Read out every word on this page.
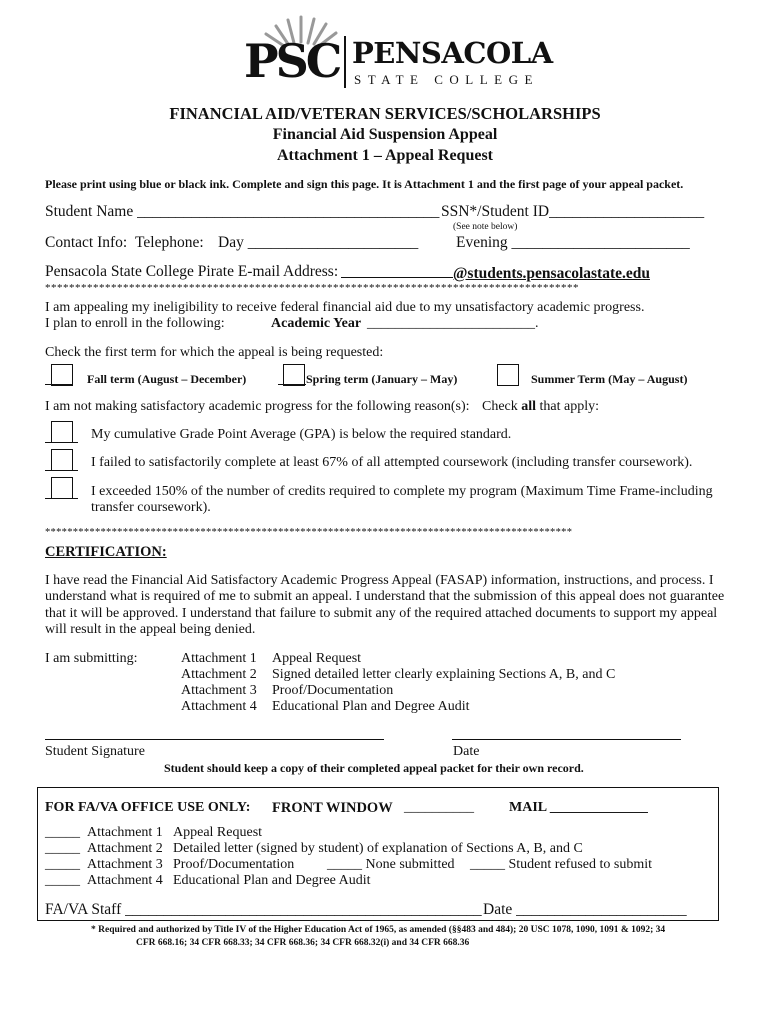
PSC PENSACOLA
STATE COLLEGE
FINANCIAL AID/VETERAN SERVICES/SCHOLARSHIPS
Financial Aid Suspension Appeal
Attachment 1 – Appeal Request
Please print using blue or black ink. Complete and sign this page. It is Attachment 1 and the first page of your appeal packet.
Student Name _______________________________________ SSN*/Student ID____________________
(See note below)
Contact Info: Telephone: Day ______________________ Evening _______________________
Pensacola State College Pirate E-mail Address:	@students.pensacolastate.edu
*****************************************************************************************
I am appealing my ineligibility to receive federal financial aid due to my unsatisfactory academic progress.
I plan to enroll in the following:	Academic Year ________________________.
Check the first term for which the appeal is being requested:
Fall term (August – December)	Spring term (January – May)	Summer Term (May – August)
I am not making satisfactory academic progress for the following reason(s): Check all that apply:
My cumulative Grade Point Average (GPA) is below the required standard.
I failed to satisfactorily complete at least 67% of all attempted coursework (including transfer coursework).
I exceeded 150% of the number of credits required to complete my program (Maximum Time Frame-including
transfer coursework).
***********************************************************************************************
CERTIFICATION:
I have read the Financial Aid Satisfactory Academic Progress Appeal (FASAP) information, instructions, and process. I
understand what is required of me to submit an appeal. I understand that the submission of this appeal does not guarantee
that it will be approved. I understand that failure to submit any of the required attached documents to support my appeal
will result in the appeal being denied.
I am submitting:	Attachment 1 Appeal Request
Attachment 2 Signed detailed letter clearly explaining Sections A, B, and C
Attachment 3 Proof/Documentation
Attachment 4 Educational Plan and Degree Audit
Student Signature	Date
Student should keep a copy of their completed appeal packet for their own record.
FOR FA/VA OFFICE USE ONLY: FRONT WINDOW __________	MAIL ______________
_____ Attachment 1 Appeal Request
_____ Attachment 2 Detailed letter (signed by student) of explanation of Sections A, B, and C
_____ Attachment 3 Proof/Documentation _____ None submitted _____ Student refused to submit
_____ Attachment 4 Educational Plan and Degree Audit
FA/VA Staff ______________________________________________ Date ______________________
* Required and authorized by Title IV of the Higher Education Act of 1965, as amended (§§483 and 484); 20 USC 1078, 1090, 1091 & 1092; 34
CFR 668.16; 34 CFR 668.33; 34 CFR 668.36; 34 CFR 668.32(i) and 34 CFR 668.36
